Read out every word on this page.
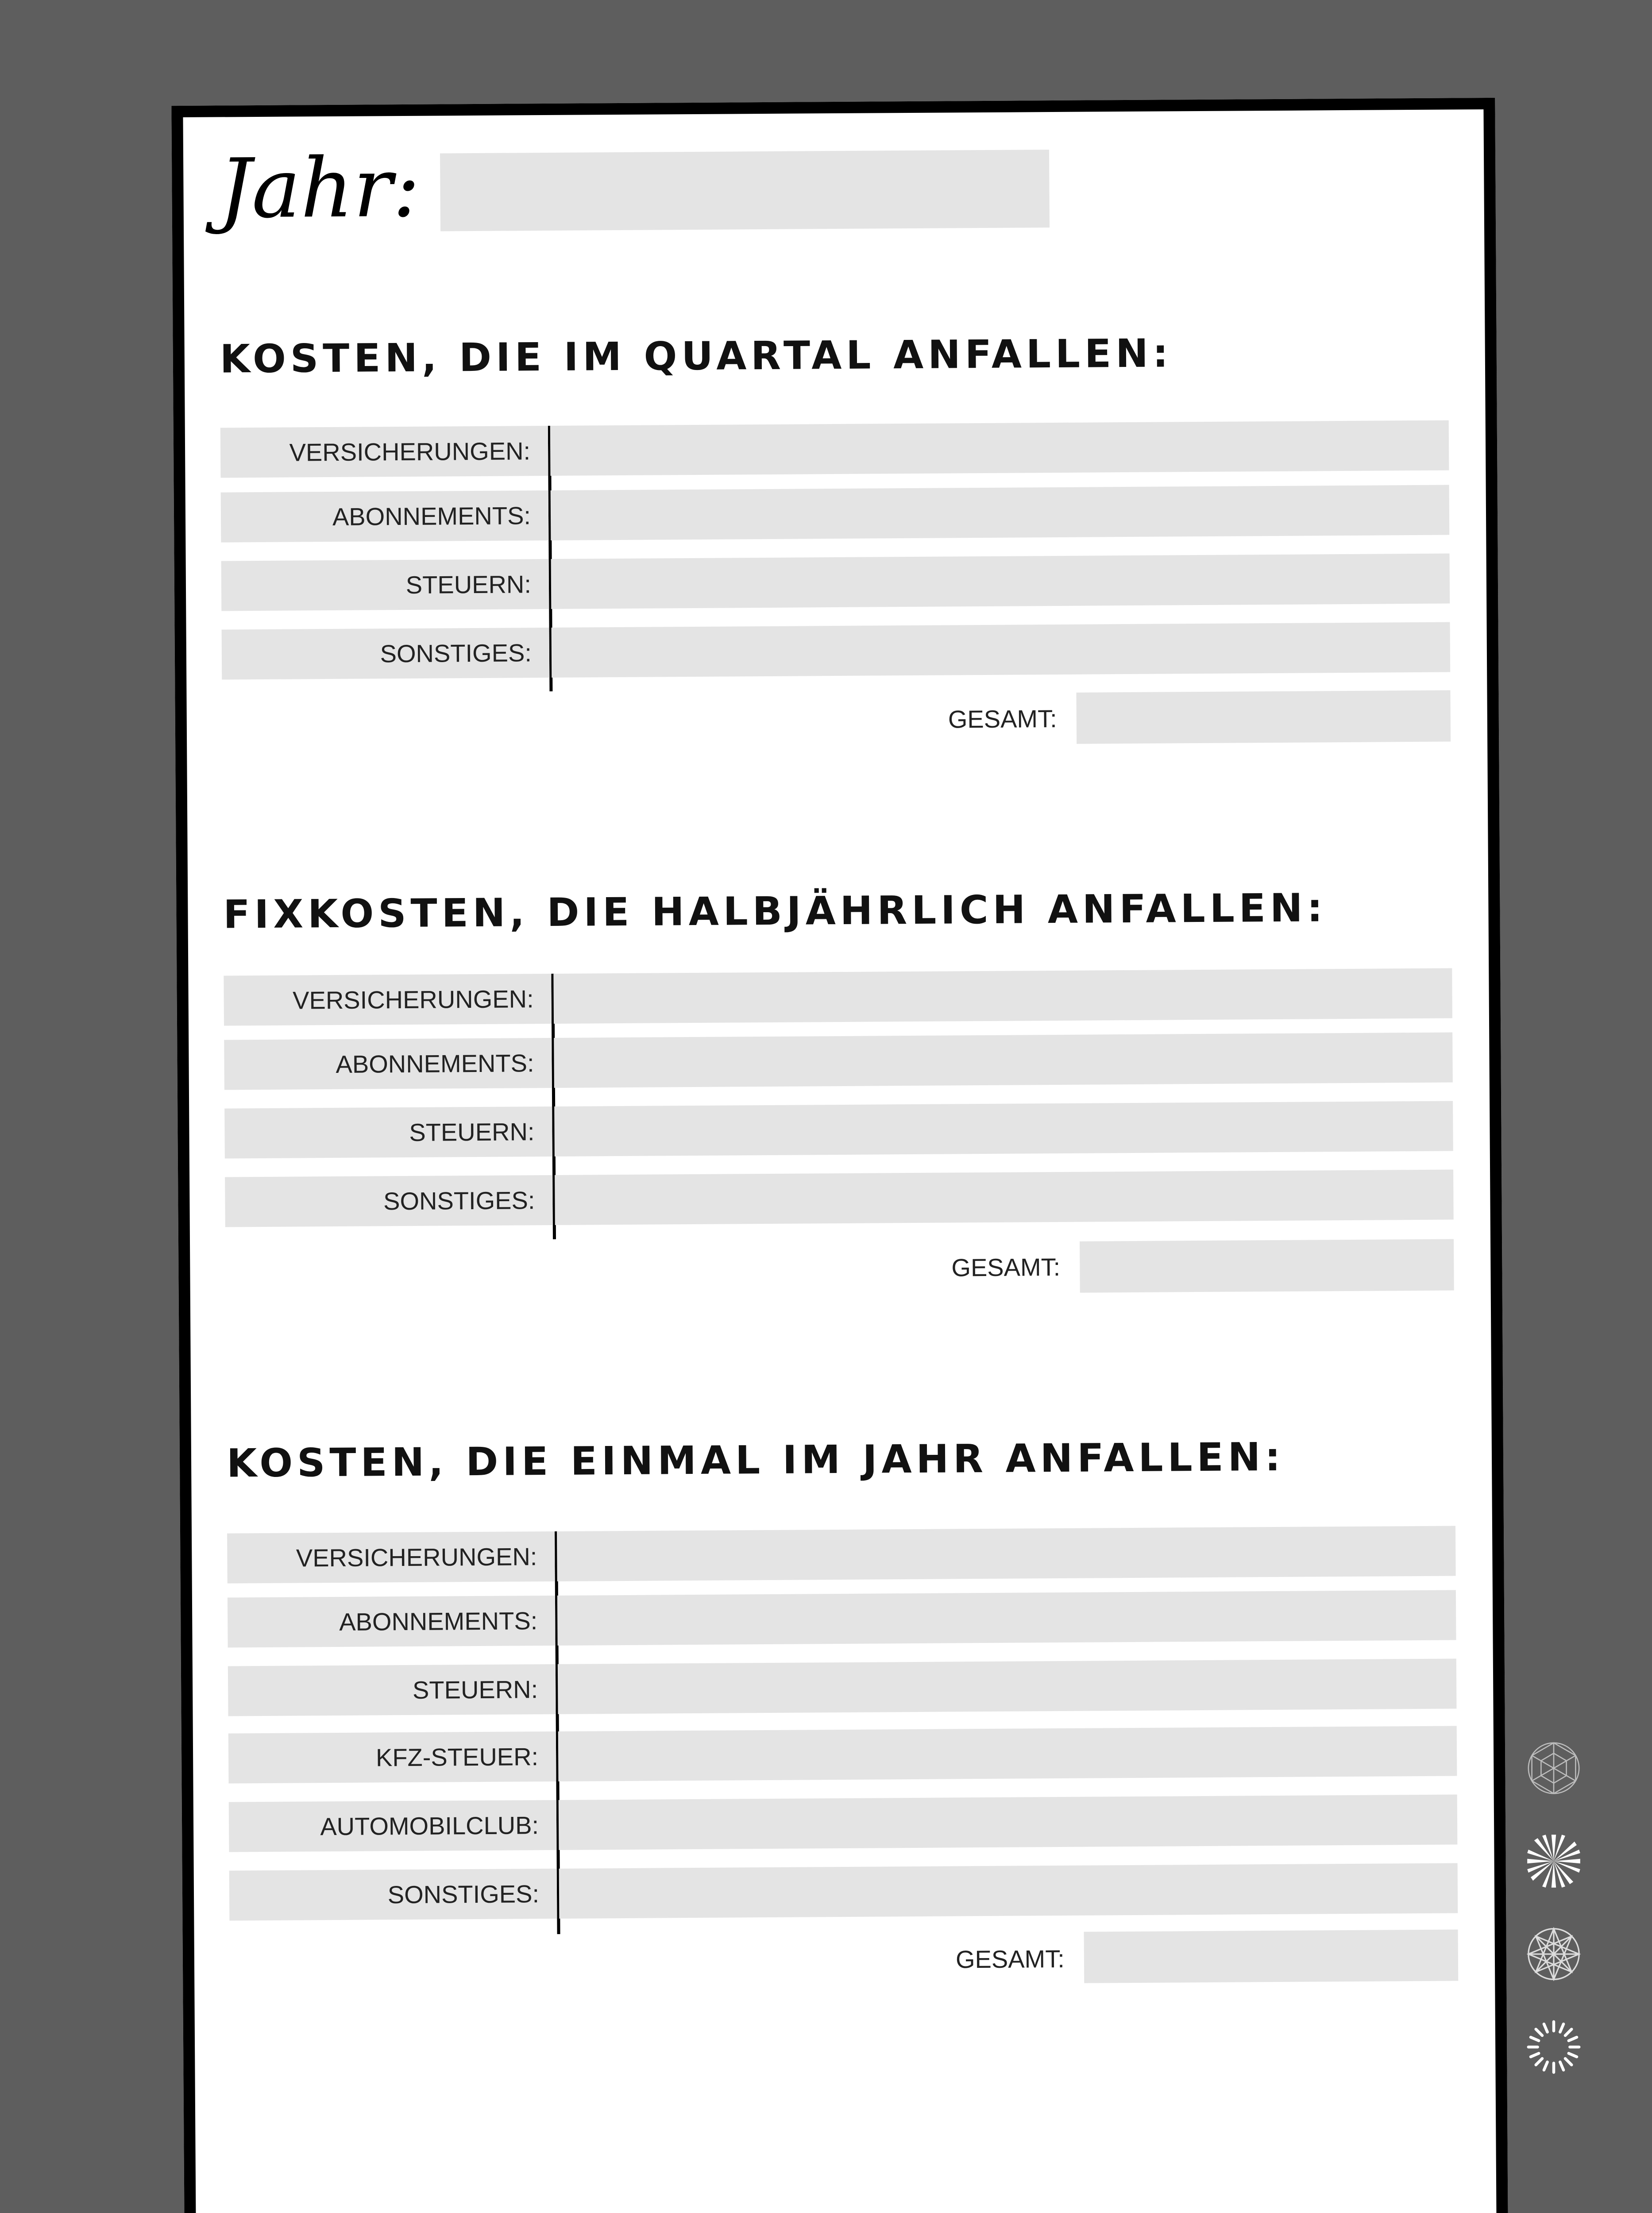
Jahr:
KOSTEN, DIE IM QUARTAL ANFALLEN:
VERSICHERUNGEN:
ABONNEMENTS:
STEUERN:
SONSTIGES:
GESAMT:
FIXKOSTEN, DIE HALBJÄHRLICH ANFALLEN:
VERSICHERUNGEN:
ABONNEMENTS:
STEUERN:
SONSTIGES:
GESAMT:
KOSTEN, DIE EINMAL IM JAHR ANFALLEN:
VERSICHERUNGEN:
ABONNEMENTS:
STEUERN:
KFZ-STEUER:
AUTOMOBILCLUB:
SONSTIGES:
GESAMT:
